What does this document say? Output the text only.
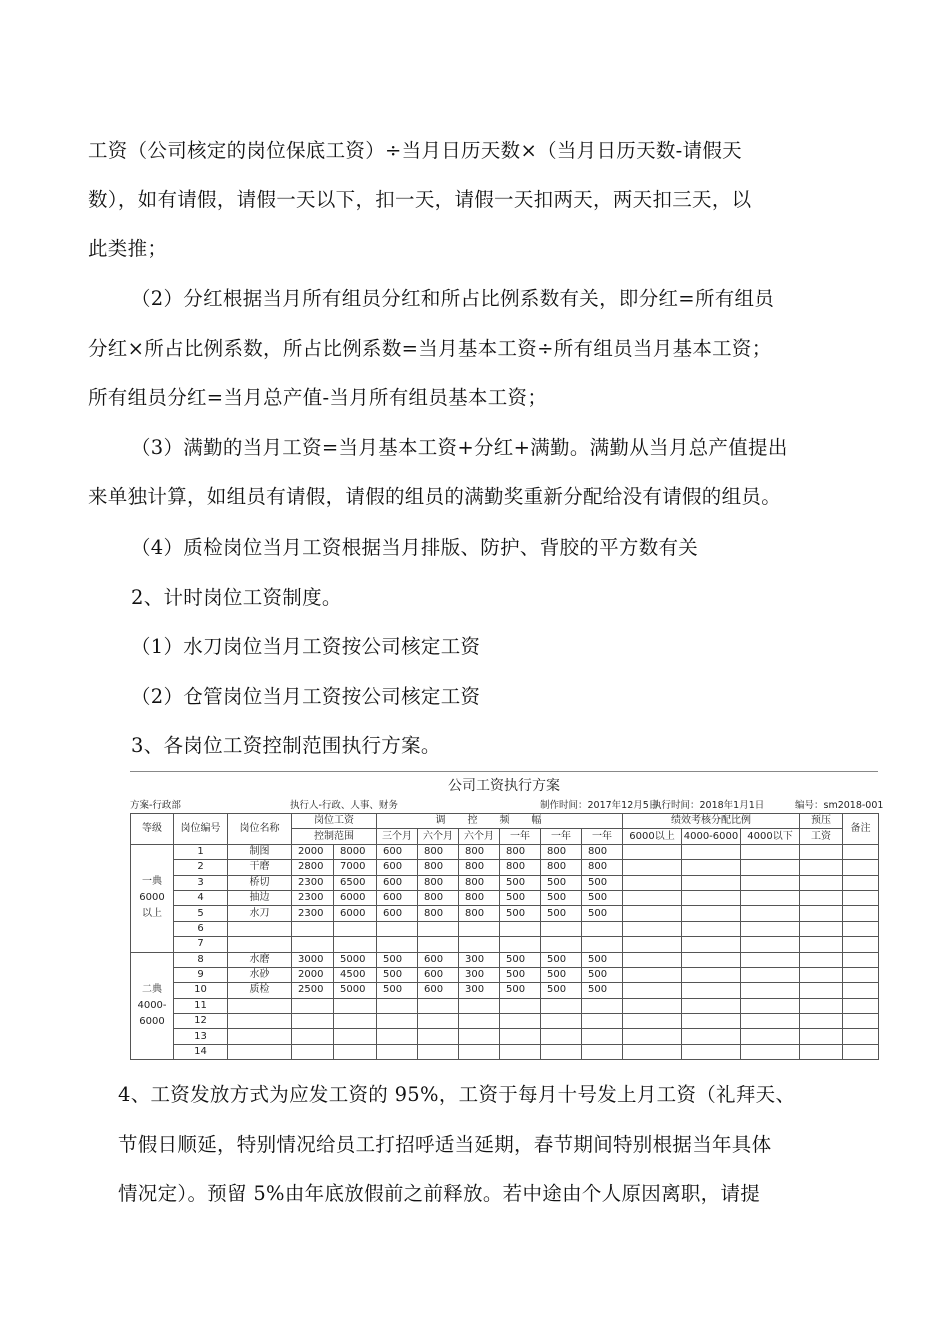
工资（公司核定的岗位保底工资）÷当月日历天数×（当月日历天数-请假天
数），如有请假，请假一天以下，扣一天，请假一天扣两天，两天扣三天，以
此类推；
（2）分红根据当月所有组员分红和所占比例系数有关，即分红=所有组员
分红×所占比例系数，所占比例系数=当月基本工资÷所有组员当月基本工资；
所有组员分红=当月总产值-当月所有组员基本工资；
（3）满勤的当月工资=当月基本工资+分红+满勤。满勤从当月总产值提出
来单独计算，如组员有请假，请假的组员的满勤奖重新分配给没有请假的组员。
（4）质检岗位当月工资根据当月排版、防护、背胶的平方数有关
2、计时岗位工资制度。
（1）水刀岗位当月工资按公司核定工资
（2）仓管岗位当月工资按公司核定工资
3、各岗位工资控制范围执行方案。
公司工资执行方案
方案-行政部	执行人-行政、人事、财务	制作时间：2017年12月5日
执行时间：2018年1月1日	编号：sm2018-001
等级	岗位编号	岗位名称	岗位工资		调控频幅						绩效考核分配比例			预压	备注	
			控制范围		三个月	六个月	六个月	一年	一年	一年	6000以上	4000-6000	4000以下	工资		

一典
6000
以上	1	制图	2000	8000	600	800	800	800	800	800						
	2	干磨	2800	7000	600	800	800	800	800	800						
	3	桥切	2300	6500	600	800	800	500	500	500						
	4	抽边	2300	6000	600	800	800	500	500	500						
	5	水刀	2300	6000	600	800	800	500	500	500						
	6															
	7															

二典
4000-
6000	8	水磨	3000	5000	500	600	300	500	500	500						
	9	水砂	2000	4500	500	600	300	500	500	500						
	10	质检	2500	5000	500	600	300	500	500	500						
	11															
	12															
	13															
	14															
4、工资发放方式为应发工资的 95%，工资于每月十号发上月工资（礼拜天、
节假日顺延，特别情况给员工打招呼适当延期，春节期间特别根据当年具体
情况定）。预留 5%由年底放假前之前释放。若中途由个人原因离职，请提
